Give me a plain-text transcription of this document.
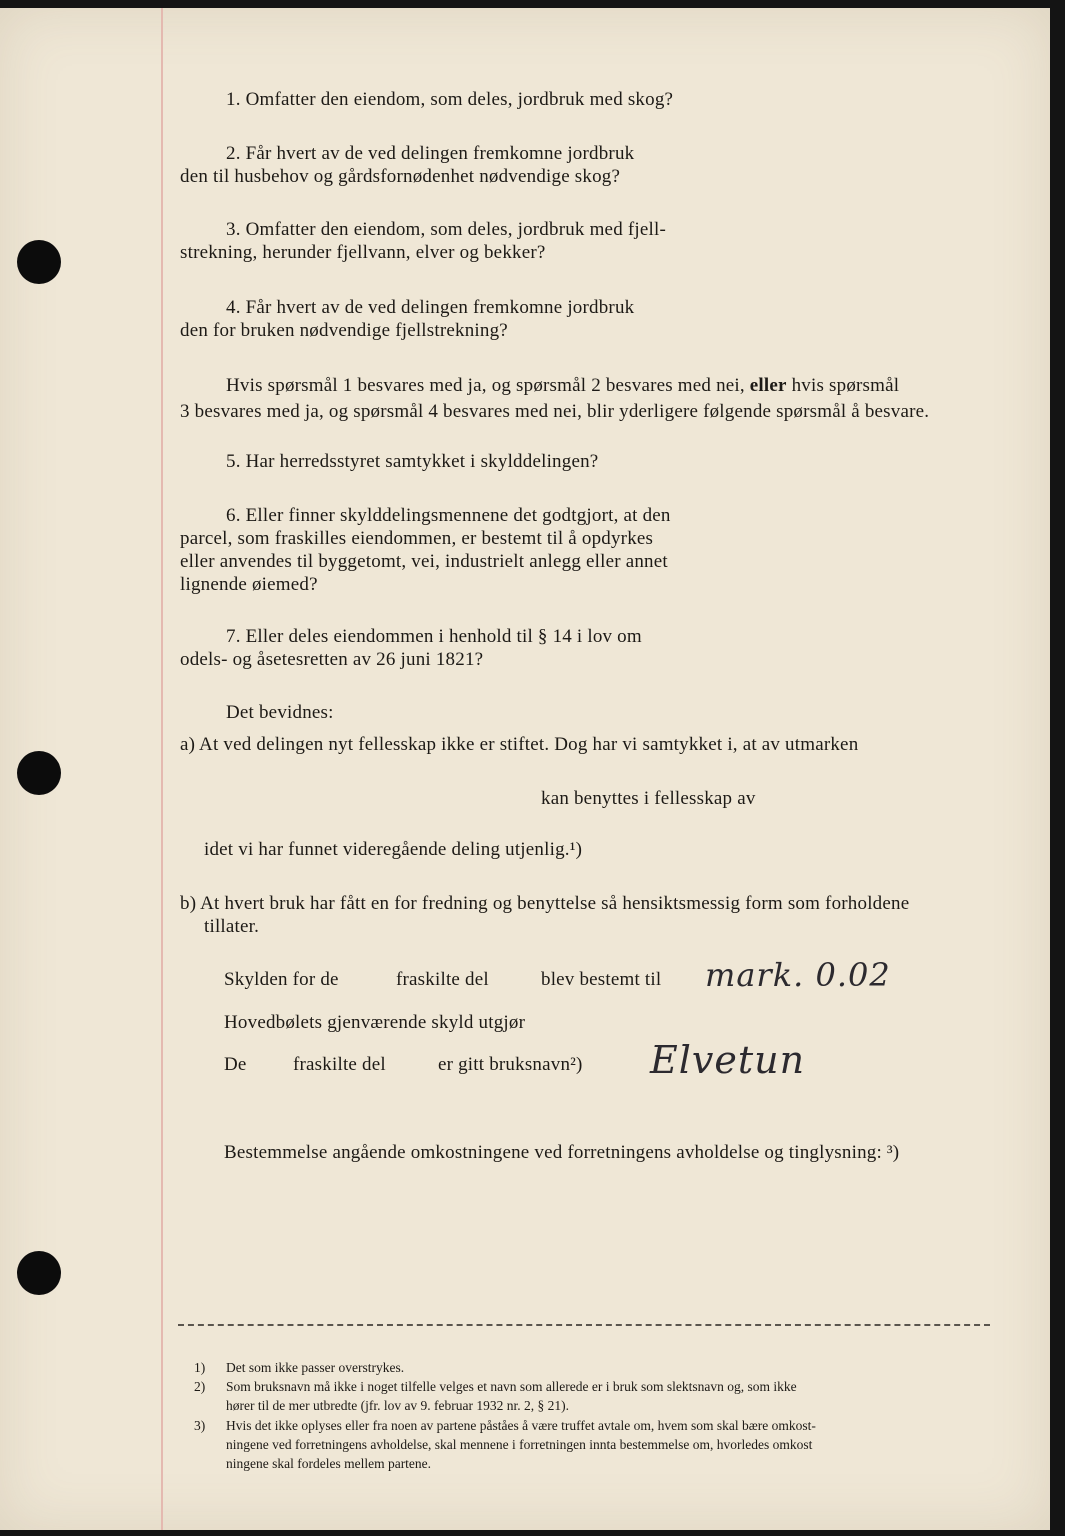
1. Omfatter den eiendom, som deles, jordbruk med skog?

2. Får hvert av de ved delingen fremkomne jordbruk

den til husbehov og gårdsfornødenhet nødvendige skog?

3. Omfatter den eiendom, som deles, jordbruk med fjell-

strekning, herunder fjellvann, elver og bekker?

4. Får hvert av de ved delingen fremkomne jordbruk

den for bruken nødvendige fjellstrekning?

Hvis spørsmål 1 besvares med ja, og spørsmål 2 besvares med nei, eller hvis spørsmål

3 besvares med ja, og spørsmål 4 besvares med nei, blir yderligere følgende spørsmål å besvare.

5. Har herredsstyret samtykket i skylddelingen?

6. Eller finner skylddelingsmennene det godtgjort, at den

parcel, som fraskilles eiendommen, er bestemt til å opdyrkes

eller anvendes til byggetomt, vei, industrielt anlegg eller annet

lignende øiemed?

7. Eller deles eiendommen i henhold til § 14 i lov om

odels- og åsetesretten av 26 juni 1821?

Det bevidnes:

a) At ved delingen nyt fellesskap ikke er stiftet. Dog har vi samtykket i, at av utmarken

kan benyttes i fellesskap av

idet vi har funnet videregående deling utjenlig.¹)

b) At hvert bruk har fått en for fredning og benyttelse så hensiktsmessig form som forholdene

tillater.

Skylden for de	fraskilte del	blev bestemt til mark. 0.02

Hovedbølets gjenværende skyld utgjør

De fraskilte del	er gitt bruksnavn²) Elvetun

Bestemmelse angående omkostningene ved forretningens avholdelse og tinglysning: ³)

1) Det som ikke passer overstrykes.
2) Som bruksnavn må ikke i noget tilfelle velges et navn som allerede er i bruk som slektsnavn og, som ikke
hører til de mer utbredte (jfr. lov av 9. februar 1932 nr. 2, § 21).
3) Hvis det ikke oplyses eller fra noen av partene påståes å være truffet avtale om, hvem som skal bære omkost-
ningene ved forretningens avholdelse, skal mennene i forretningen innta bestemmelse om, hvorledes omkost
ningene skal fordeles mellem partene.
